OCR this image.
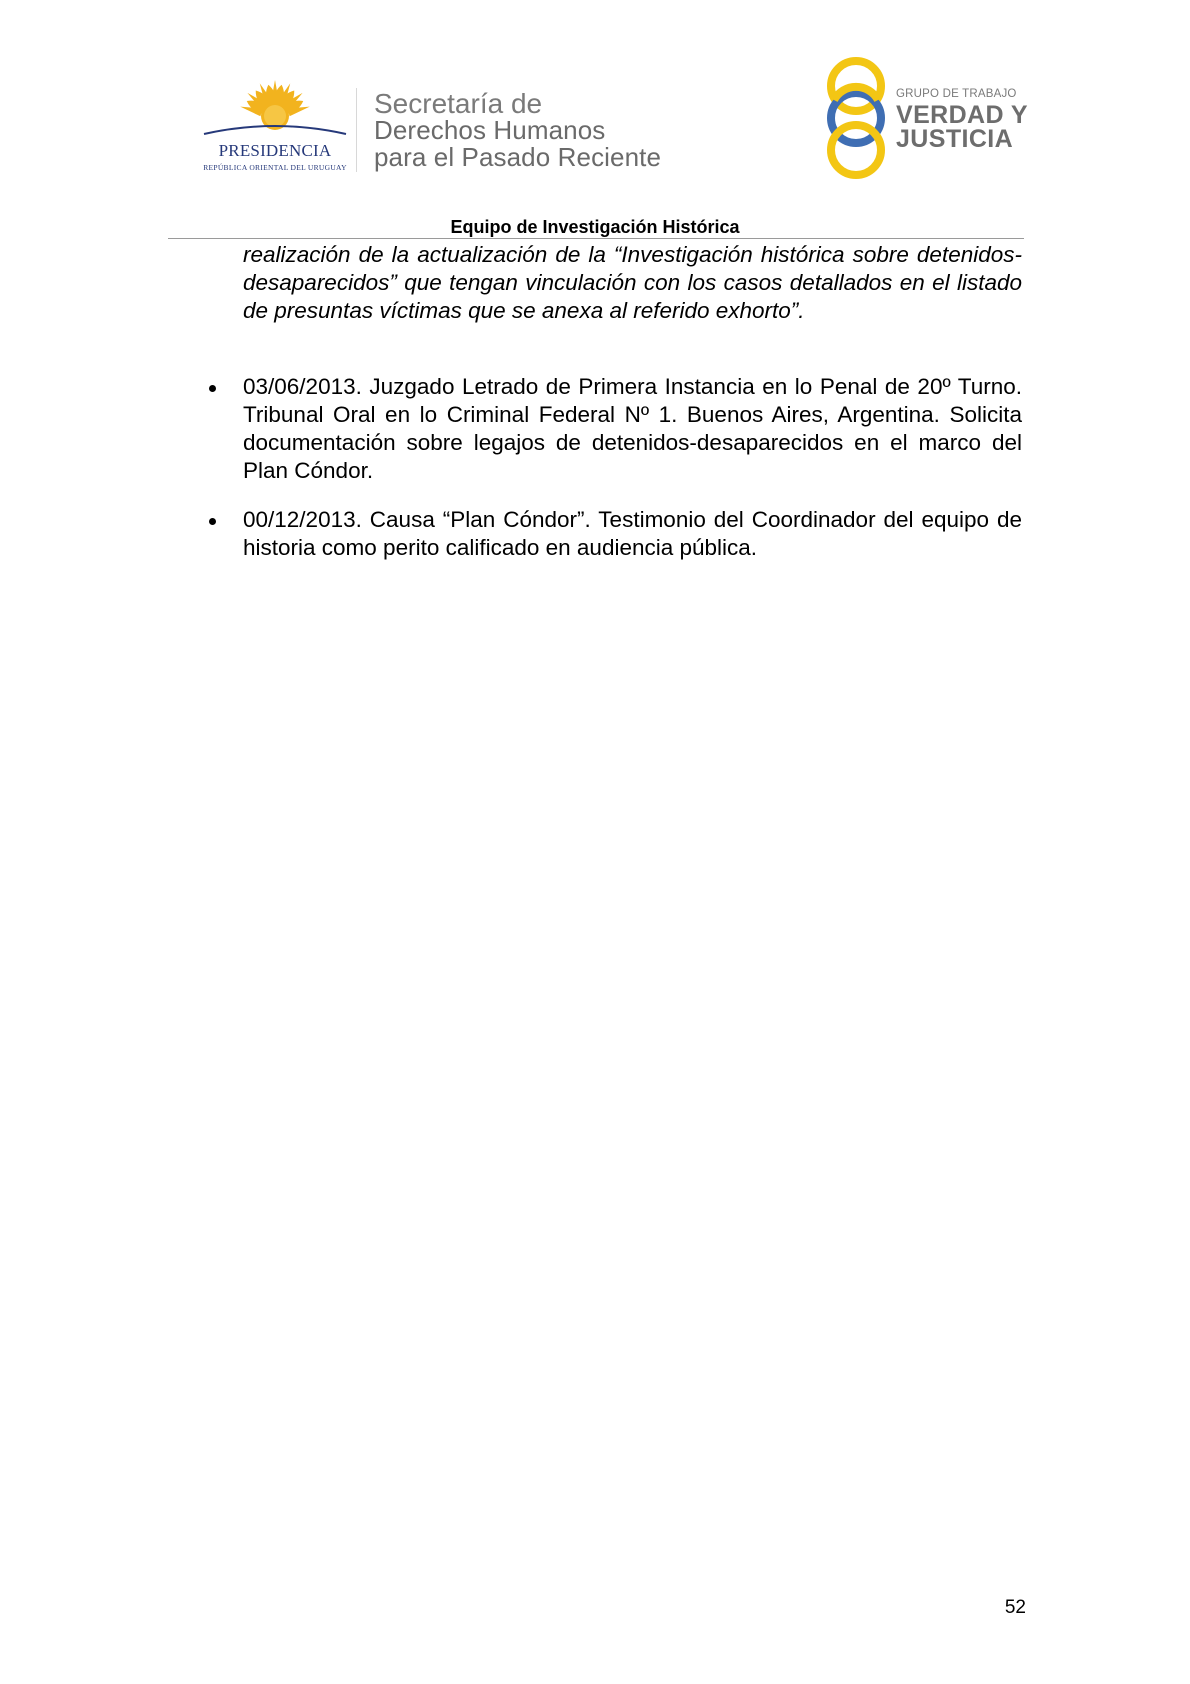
PRESIDENCIA
REPÚBLICA ORIENTAL DEL URUGUAY
Secretaría de
Derechos Humanos
para el Pasado Reciente
GRUPO DE TRABAJO
VERDAD Y
JUSTICIA
Equipo de Investigación Histórica
realización de la actualización de la “Investigación histórica sobre detenidos- desaparecidos” que tengan vinculación con los casos detallados en el listado de presuntas víctimas que se anexa al referido exhorto”.
03/06/2013. Juzgado Letrado de Primera Instancia en lo Penal de 20º Turno. Tribunal Oral en lo Criminal Federal Nº 1. Buenos Aires, Argentina. Solicita documentación sobre legajos de detenidos-desaparecidos en el marco del Plan Cóndor.
00/12/2013. Causa “Plan Cóndor”. Testimonio del Coordinador del equipo de historia como perito calificado en audiencia pública.
52
